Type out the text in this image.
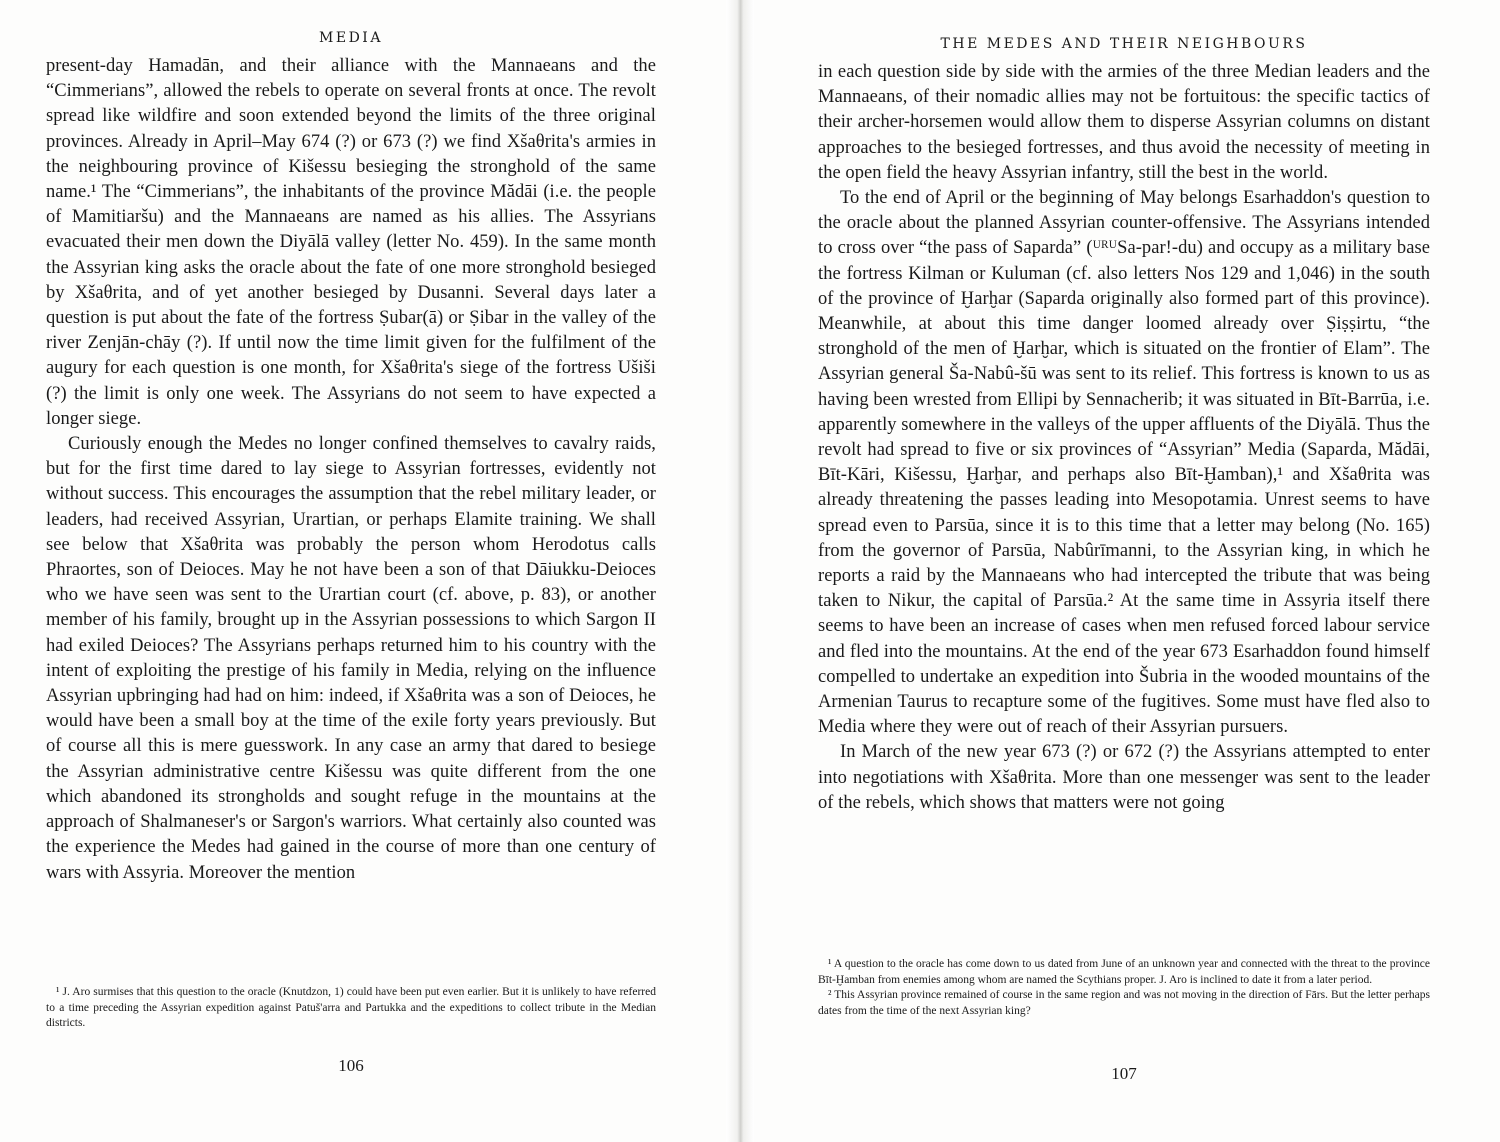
MEDIA

present-day Hamadān, and their alliance with the Mannaeans and the “Cimmerians”, allowed the rebels to operate on several fronts at once. The revolt spread like wildfire and soon extended beyond the limits of the three original provinces. Already in April–May 674 (?) or 673 (?) we find Xšaθrita's armies in the neighbouring province of Kišessu besieging the stronghold of the same name.¹ The “Cimmerians”, the inhabitants of the province Mădāi (i.e. the people of Mamitiaršu) and the Mannaeans are named as his allies. The Assyrians evacuated their men down the Diyālā valley (letter No. 459). In the same month the Assyrian king asks the oracle about the fate of one more stronghold besieged by Xšaθrita, and of yet another besieged by Dusanni. Several days later a question is put about the fate of the fortress Ṣubar(ā) or Ṣibar in the valley of the river Zenjān-chāy (?). If until now the time limit given for the fulfilment of the augury for each question is one month, for Xšaθrita's siege of the fortress Ušiši (?) the limit is only one week. The Assyrians do not seem to have expected a longer siege.

Curiously enough the Medes no longer confined themselves to cavalry raids, but for the first time dared to lay siege to Assyrian fortresses, evidently not without success. This encourages the assumption that the rebel military leader, or leaders, had received Assyrian, Urartian, or perhaps Elamite training. We shall see below that Xšaθrita was probably the person whom Herodotus calls Phraortes, son of Deioces. May he not have been a son of that Dāiukku-Deioces who we have seen was sent to the Urartian court (cf. above, p. 83), or another member of his family, brought up in the Assyrian possessions to which Sargon II had exiled Deioces? The Assyrians perhaps returned him to his country with the intent of exploiting the prestige of his family in Media, relying on the influence Assyrian upbringing had had on him: indeed, if Xšaθrita was a son of Deioces, he would have been a small boy at the time of the exile forty years previously. But of course all this is mere guesswork. In any case an army that dared to besiege the Assyrian administrative centre Kišessu was quite different from the one which abandoned its strongholds and sought refuge in the mountains at the approach of Shalmaneser's or Sargon's warriors. What certainly also counted was the experience the Medes had gained in the course of more than one century of wars with Assyria. Moreover the mention

¹ J. Aro surmises that this question to the oracle (Knutdzon, 1) could have been put even earlier. But it is unlikely to have referred to a time preceding the Assyrian expedition against Patuš'arra and Partukka and the expeditions to collect tribute in the Median districts.

106
THE MEDES AND THEIR NEIGHBOURS

in each question side by side with the armies of the three Median leaders and the Mannaeans, of their nomadic allies may not be fortuitous: the specific tactics of their archer-horsemen would allow them to disperse Assyrian columns on distant approaches to the besieged fortresses, and thus avoid the necessity of meeting in the open field the heavy Assyrian infantry, still the best in the world.

To the end of April or the beginning of May belongs Esarhaddon's question to the oracle about the planned Assyrian counter-offensive. The Assyrians intended to cross over “the pass of Saparda” (ᵁᴿᵁSa-par!-du) and occupy as a military base the fortress Kilman or Kuluman (cf. also letters Nos 129 and 1,046) in the south of the province of Ḫarḫar (Saparda originally also formed part of this province). Meanwhile, at about this time danger loomed already over Ṣiṣṣirtu, “the stronghold of the men of Ḫarḫar, which is situated on the frontier of Elam”. The Assyrian general Ša-Nabû-šū was sent to its relief. This fortress is known to us as having been wrested from Ellipi by Sennacherib; it was situated in Bīt-Barrūa, i.e. apparently somewhere in the valleys of the upper affluents of the Diyālā. Thus the revolt had spread to five or six provinces of “Assyrian” Media (Saparda, Mădāi, Bīt-Kāri, Kišessu, Ḫarḫar, and perhaps also Bīt-Ḫamban),¹ and Xšaθrita was already threatening the passes leading into Mesopotamia. Unrest seems to have spread even to Parsūa, since it is to this time that a letter may belong (No. 165) from the governor of Parsūa, Nabûrīmanni, to the Assyrian king, in which he reports a raid by the Mannaeans who had intercepted the tribute that was being taken to Nikur, the capital of Parsūa.² At the same time in Assyria itself there seems to have been an increase of cases when men refused forced labour service and fled into the mountains. At the end of the year 673 Esarhaddon found himself compelled to undertake an expedition into Šubria in the wooded mountains of the Armenian Taurus to recapture some of the fugitives. Some must have fled also to Media where they were out of reach of their Assyrian pursuers.

In March of the new year 673 (?) or 672 (?) the Assyrians attempted to enter into negotiations with Xšaθrita. More than one messenger was sent to the leader of the rebels, which shows that matters were not going

¹ A question to the oracle has come down to us dated from June of an unknown year and connected with the threat to the province Bīt-Ḫamban from enemies among whom are named the Scythians proper. J. Aro is inclined to date it from a later period.

² This Assyrian province remained of course in the same region and was not moving in the direction of Fārs. But the letter perhaps dates from the time of the next Assyrian king?

107
